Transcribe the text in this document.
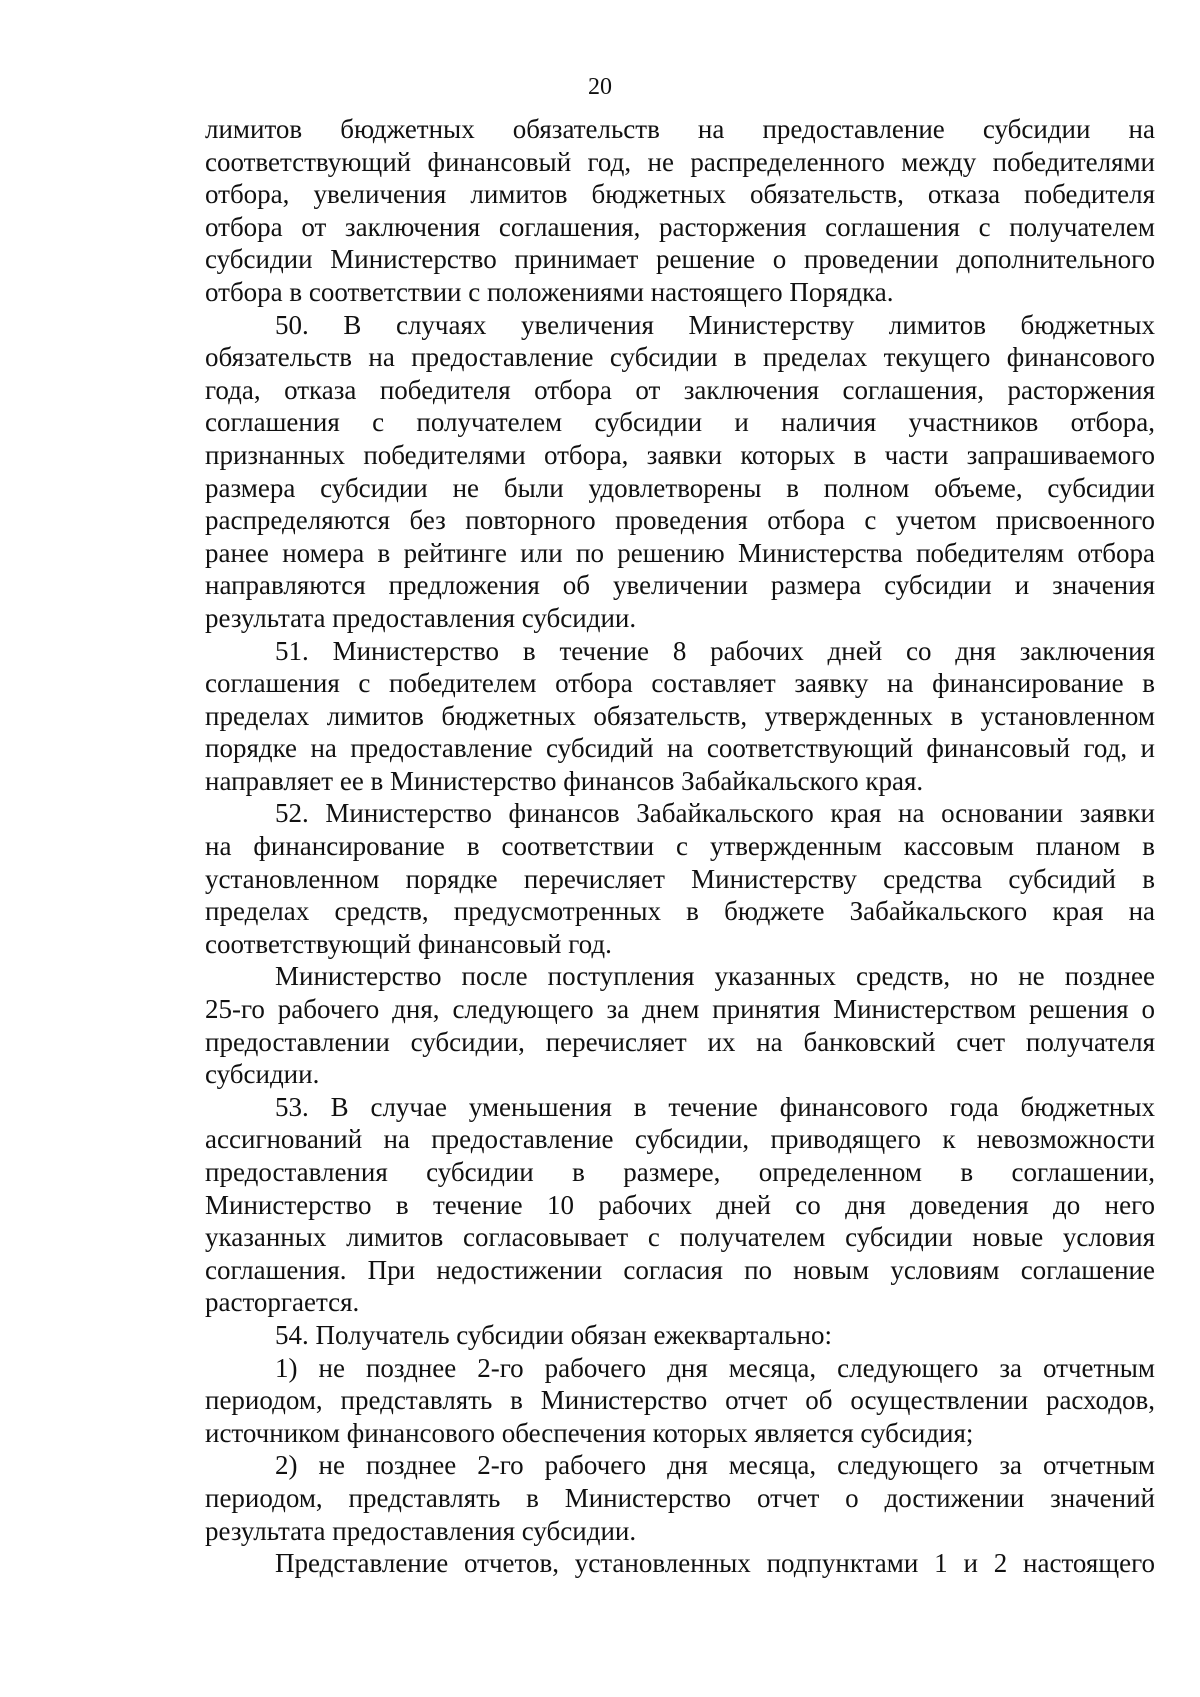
20
лимитов бюджетных обязательств на предоставление субсидии на
соответствующий финансовый год, не распределенного между победителями
отбора, увеличения лимитов бюджетных обязательств, отказа победителя
отбора от заключения соглашения, расторжения соглашения с получателем
субсидии Министерство принимает решение о проведении дополнительного
отбора в соответствии с положениями настоящего Порядка.
50. В случаях увеличения Министерству лимитов бюджетных
обязательств на предоставление субсидии в пределах текущего финансового
года, отказа победителя отбора от заключения соглашения, расторжения
соглашения с получателем субсидии и наличия участников отбора,
признанных победителями отбора, заявки которых в части запрашиваемого
размера субсидии не были удовлетворены в полном объеме, субсидии
распределяются без повторного проведения отбора с учетом присвоенного
ранее номера в рейтинге или по решению Министерства победителям отбора
направляются предложения об увеличении размера субсидии и значения
результата предоставления субсидии.
51. Министерство в течение 8 рабочих дней со дня заключения
соглашения с победителем отбора составляет заявку на финансирование в
пределах лимитов бюджетных обязательств, утвержденных в установленном
порядке на предоставление субсидий на соответствующий финансовый год, и
направляет ее в Министерство финансов Забайкальского края.
52. Министерство финансов Забайкальского края на основании заявки
на финансирование в соответствии с утвержденным кассовым планом в
установленном порядке перечисляет Министерству средства субсидий в
пределах средств, предусмотренных в бюджете Забайкальского края на
соответствующий финансовый год.
Министерство после поступления указанных средств, но не позднее
25-го рабочего дня, следующего за днем принятия Министерством решения о
предоставлении субсидии, перечисляет их на банковский счет получателя
субсидии.
53. В случае уменьшения в течение финансового года бюджетных
ассигнований на предоставление субсидии, приводящего к невозможности
предоставления субсидии в размере, определенном в соглашении,
Министерство в течение 10 рабочих дней со дня доведения до него
указанных лимитов согласовывает с получателем субсидии новые условия
соглашения. При недостижении согласия по новым условиям соглашение
расторгается.
54. Получатель субсидии обязан ежеквартально:
1) не позднее 2-го рабочего дня месяца, следующего за отчетным
периодом, представлять в Министерство отчет об осуществлении расходов,
источником финансового обеспечения которых является субсидия;
2) не позднее 2-го рабочего дня месяца, следующего за отчетным
периодом, представлять в Министерство отчет о достижении значений
результата предоставления субсидии.
Представление отчетов, установленных подпунктами 1 и 2 настоящего
